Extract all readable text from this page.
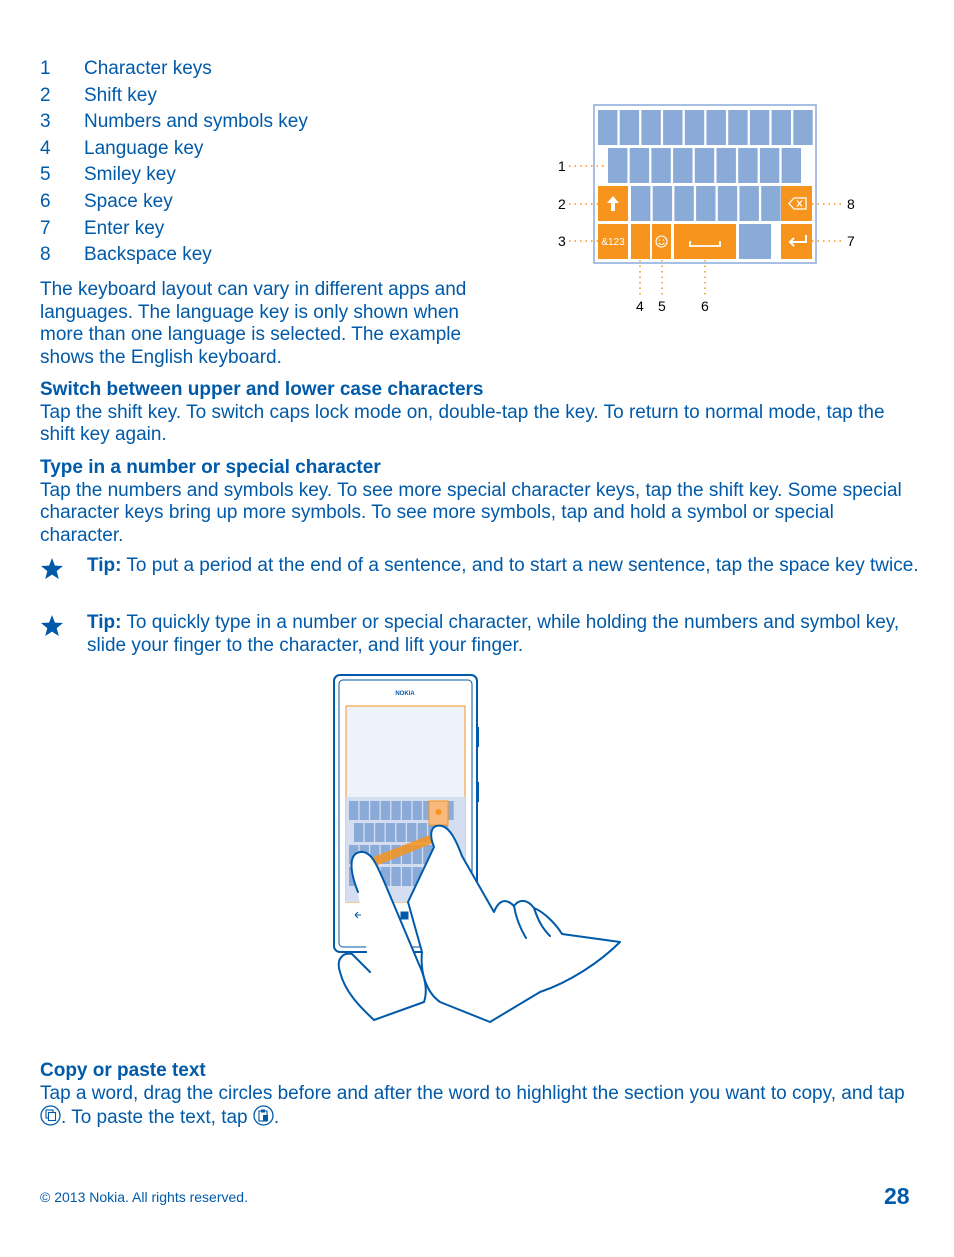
1 Character keys
2 Shift key
3 Numbers and symbols key
4 Language key
5 Smiley key
6 Space key
7 Enter key
8 Backspace key
The keyboard layout can vary in different apps and languages. The language key is only shown when more than one language is selected. The example shows the English keyboard.
&123
1
2
3
4 5	6
7
8
Switch between upper and lower case characters
Tap the shift key. To switch caps lock mode on, double-tap the key. To return to normal mode, tap the shift key again.
Type in a number or special character
Tap the numbers and symbols key. To see more special character keys, tap the shift key. Some special character keys bring up more symbols. To see more symbols, tap and hold a symbol or special character.
Tip: To put a period at the end of a sentence, and to start a new sentence, tap the space key twice.
Tip: To quickly type in a number or special character, while holding the numbers and symbol key, slide your finger to the character, and lift your finger.
NOKIA
Copy or paste text
Tap a word, drag the circles before and after the word to highlight the section you want to copy, and tap . To paste the text, tap .
© 2013 Nokia. All rights reserved.	28
